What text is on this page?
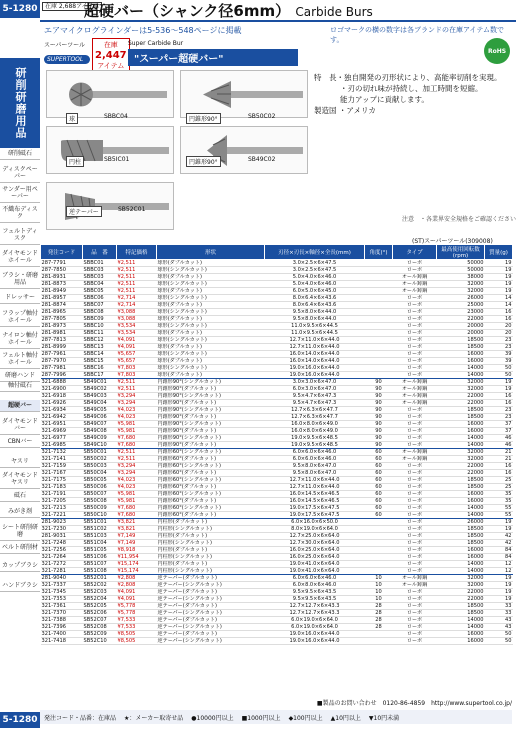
5-1280	在庫 2,688アイテム
超硬バー（シャンク径6mm） Carbide Burs
エアマイクログラインダーは5-536～548ページに掲載	ロゴマークの横の数字は各ブランドの在庫アイテム数です。
研削研磨用品
研削砥石
ディスクペーパー
サンダー用ペーパー
不織布ディスク
フェルトディスク
ダイヤモンドホイール
ブラシ・研磨用品
ドレッサー
フラップ軸付ホイール
ナイロン軸付ホイール
フェルト軸付ホイール
研磨ハンド
軸付砥石
超硬バー
ダイヤモンドバー
CBNバー
ヤスリ
ダイヤモンドヤスリ
砥石
みがき剤
シート研削研磨
ベルト研削材
カップブラシ
ハンドブラシ
スーパーツール
SUPERTOOL
在庫
2,447
アイテム
Super Carbide Bur
"スーパー超硬バー"
RoHS
球	SBBC04	円錐形90°	SB50C02
円柱	SB5IC01	円錐形90°	SB49C02
逆テーパー	SB52C01
特　長・独自開発の刃形状により、高能率切削を実現。
・刃の切れ味が持続し、加工時間を短縮。
能力アップに貢献します。
製造国 ・アメリカ
注意　・各業界安全規格をご確認ください
(ST)スーパーツール(309008)
発注コード	品　番	特記価格	形状	刃径×刃長×軸径×全長(mm)	角度(°)	タイプ	最高使用回転数(rpm)	質量(g)
287-7791	SBBC01	¥2,511	球形(ダブルカット)	3.0×2.5×6×47.5		ローボ	50000	19
287-7850	SBBC03	¥2,511	球形(シングルカット)	3.0×2.5×6×47.5		ローボ	50000	19
281-8931	SBBC03	¥2,511	球形(ダブルカット)	5.0×4.0×6×46.0		オール鋳鋼	38000	19
281-8873	SBBC04	¥2,511	球形(シングルカット)	5.0×4.0×6×46.0		オール鋳鋼	32000	19
281-8949	SBBC05	¥2,511	球形(ダブルカット)	6.0×5.0×6×45.0		オール鋳鋼	32000	19
281-8957	SBBC06	¥2,714	球形(シングルカット)	8.0×6.4×6×43.6		ローボ	26000	14
281-8874	SBBC07	¥2,714	球形(ダブルカット)	8.0×6.4×6×43.6		ローボ	25000	14
281-8965	SBBC08	¥3,088	球形(シングルカット)	9.5×8.0×6×44.0		ローボ	23000	16
287-7805	SBBC09	¥3,088	球形(ダブルカット)	9.5×8.0×6×44.0		ローボ	22000	16
281-8973	SBBC10	¥3,534	球形(シングルカット)	11.0×9.5×6×44.5		ローボ	20000	20
281-8981	SBBC11	¥3,534	球形(ダブルカット)	11.0×9.5×6×44.5		ローボ	20000	20
287-7813	SBBC12	¥4,091	球形(シングルカット)	12.7×11.0×6×44.0		ローボ	18500	23
281-8999	SBBC13	¥4,091	球形(ダブルカット)	12.7×11.0×6×44.0		ローボ	18500	23
287-7961	SBBC14	¥5,657	球形(シングルカット)	16.0×14.0×6×44.0		ローボ	16000	39
287-7970	SBBC15	¥5,657	球形(ダブルカット)	16.0×14.0×6×44.0		ローボ	16000	39
287-7981	SBBC16	¥7,803	球形(シングルカット)	19.0×16.0×6×44.0		ローボ	14000	50
287-7996	SBBC17	¥7,803	球形(ダブルカット)	19.0×16.0×6×44.0		ローボ	14000	50
321-6888	SB49C01	¥2,511	円錐形90°(シングルカット)	3.0×3.0×6×47.0	90	オール鋳鋼	32000	19
321-6900	SB49C02	¥2,511	円錐形90°(ダブルカット)	6.0×3.0×6×47.0	90	オール鋳鋼	32000	19
321-6918	SB49C03	¥3,294	円錐形90°(シングルカット)	9.5×4.7×6×47.3	90	オール鋳鋼	22000	16
321-6926	SB49C04	¥3,294	円錐形90°(ダブルカット)	9.5×4.7×6×47.3	90	オール鋳鋼	22000	16
321-6934	SB49C05	¥4,023	円錐形90°(シングルカット)	12.7×6.3×6×47.7	90	ローボ	18500	23
321-6942	SB49C06	¥4,023	円錐形90°(ダブルカット)	12.7×6.3×6×47.7	90	ローボ	18500	23
321-6951	SB49C07	¥5,981	円錐形90°(シングルカット)	16.0×8.0×6×49.0	90	ローボ	16000	37
321-6969	SB49C08	¥5,981	円錐形90°(ダブルカット)	16.0×8.0×6×49.0	90	ローボ	16000	37
321-6977	SB49C09	¥7,680	円錐形90°(シングルカット)	19.0×9.5×6×48.5	90	ローボ	14000	46
321-6985	SB49C10	¥7,680	円錐形90°(ダブルカット)	19.0×9.5×6×48.5	90	ローボ	14000	46
321-7132	SB50C01	¥2,511	円錐形60°(シングルカット)	6.0×6.0×6×46.0	60	オール鋳鋼	32000	21
321-7141	SB50C02	¥2,511	円錐形60°(ダブルカット)	6.0×6.0×6×46.0	60	オール鋳鋼	32000	21
321-7159	SB50C03	¥3,294	円錐形60°(シングルカット)	9.5×8.0×6×47.0	60	ローボ	22000	16
321-7167	SB50C04	¥3,294	円錐形60°(ダブルカット)	9.5×8.0×6×47.0	60	ローボ	22000	16
321-7175	SB50C05	¥4,023	円錐形60°(シングルカット)	12.7×11.0×6×44.0	60	ローボ	18500	25
321-7183	SB50C06	¥4,023	円錐形60°(ダブルカット)	12.7×11.0×6×44.0	60	ローボ	18500	25
321-7191	SB50C07	¥5,981	円錐形60°(シングルカット)	16.0×14.5×6×46.5	60	ローボ	16000	35
321-7205	SB50C08	¥5,981	円錐形60°(ダブルカット)	16.0×14.5×6×46.5	60	ローボ	16000	35
321-7213	SB50C09	¥7,680	円錐形60°(シングルカット)	19.0×17.5×6×47.5	60	ローボ	14000	55
321-7221	SB50C10	¥7,680	円錐形60°(ダブルカット)	19.0×17.5×6×47.5	60	ローボ	14000	55
281-9023	SB51C01	¥3,821	円柱形(ダブルカット)	6.0×16.0×6×50.0		ローボ	26000	19
321-7230	SB51C02	¥3,821	円柱形(シングルカット)	8.0×19.0×6×64.0		ローボ	18500	19
281-9031	SB51C03	¥7,149	円柱形(ダブルカット)	12.7×25.0×6×64.0		ローボ	18500	42
321-7248	SB51C04	¥7,149	円柱形(シングルカット)	12.7×30.0×6×64.0		ローボ	18500	42
321-7256	SB51C05	¥8,918	円柱形(ダブルカット)	16.0×25.0×6×64.0		ローボ	16000	84
321-7264	SB51C06	¥11,954	円柱形(シングルカット)	16.0×25.0×6×64.0		ローボ	16000	84
321-7272	SB51C07	¥15,174	円柱形(ダブルカット)	19.0×41.0×6×64.0		ローボ	14000	12
321-7281	SB51C08	¥15,174	円柱形(シングルカット)	19.0×41.0×6×64.0		ローボ	14000	12
281-9040	SB52C01	¥2,808	逆テーパー(ダブルカット)	6.0×6.0×6×46.0	10	オール鋳鋼	32000	19
321-7337	SB52C02	¥2,808	逆テーパー(シングルカット)	6.0×8.0×6×46.0	10	オール鋳鋼	32000	19
321-7345	SB52C03	¥4,091	逆テーパー(ダブルカット)	9.5×9.5×6×43.5	10	ローボ	22000	19
321-7353	SB52C04	¥4,091	逆テーパー(シングルカット)	9.5×9.5×6×43.5	10	ローボ	22000	19
321-7361	SB52C05	¥5,778	逆テーパー(ダブルカット)	12.7×12.7×6×43.3	28	ローボ	18500	33
321-7370	SB52C06	¥5,778	逆テーパー(シングルカット)	12.7×12.7×6×43.3	28	ローボ	18500	33
321-7388	SB52C07	¥7,533	逆テーパー(ダブルカット)	6.0×19.0×6×64.0	28	ローボ	14000	43
321-7396	SB52C08	¥7,533	逆テーパー(シングルカット)	6.0×19.0×6×64.0	28	ローボ	14000	43
321-7400	SB52C09	¥8,505	逆テーパー(ダブルカット)	19.0×16.0×6×44.0		ローボ	16000	50
321-7418	SB52C10	¥8,505	逆テーパー(シングルカット)	19.0×16.0×6×44.0		ローボ	16000	50
■製品のお問い合わせ　0120-86-4859　http://www.supertool.co.jp/
発注コード・品番：在庫品 ★：メーカー取寄せ品 ●10000円以上 ■1000円以上 ◆100円以上 ▲10円以上 ▼10円未満
5-1280
